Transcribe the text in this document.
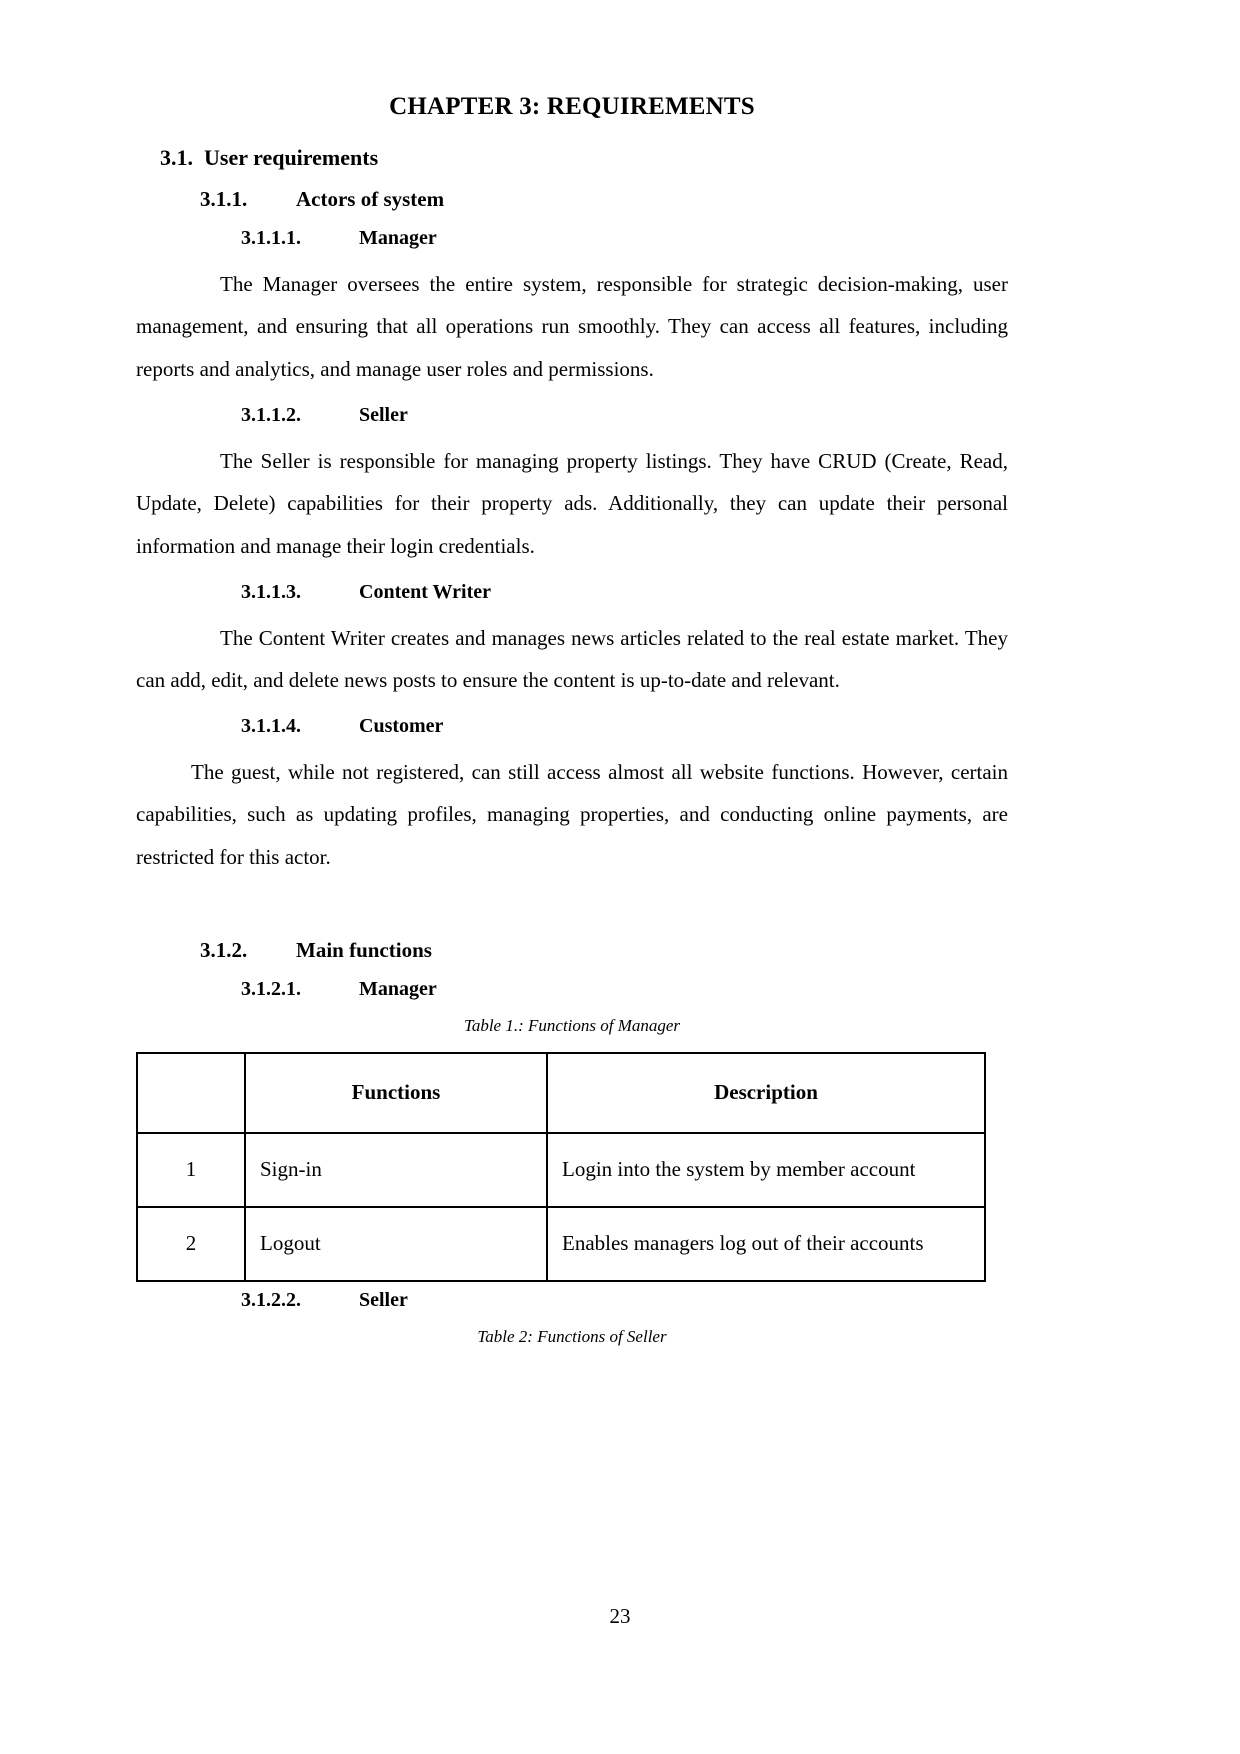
CHAPTER 3: REQUIREMENTS
3.1. User requirements
3.1.1. Actors of system
3.1.1.1.	Manager

The Manager oversees the entire system, responsible for strategic decision-making, user management, and ensuring that all operations run smoothly. They can access all features, including reports and analytics, and manage user roles and permissions.

3.1.1.2.	Seller

The Seller is responsible for managing property listings. They have CRUD (Create, Read, Update, Delete) capabilities for their property ads. Additionally, they can update their personal information and manage their login credentials.

3.1.1.3.	Content Writer

The Content Writer creates and manages news articles related to the real estate market. They can add, edit, and delete news posts to ensure the content is up-to-date and relevant.

3.1.1.4.	Customer

The guest, while not registered, can still access almost all website functions. However, certain capabilities, such as updating profiles, managing properties, and conducting online payments, are restricted for this actor.

3.1.2. Main functions
3.1.2.1.	Manager
Table 1.: Functions of Manager
	Functions	Description
1	Sign-in	Login into the system by member account
2	Logout	Enables managers log out of their accounts
3.1.2.2.	Seller
Table 2: Functions of Seller
23
